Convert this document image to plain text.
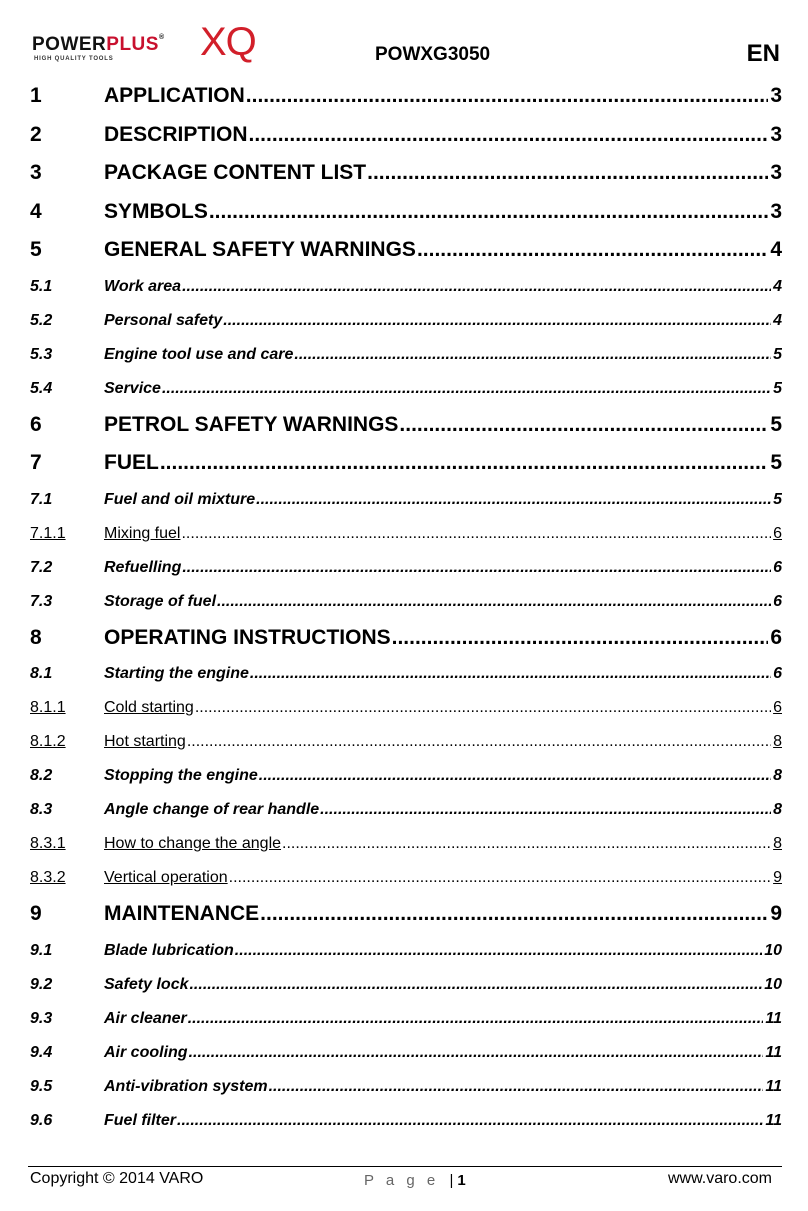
POWERPLUS®
HIGH QUALITY TOOLS XQ	POWXG3050	EN
1	APPLICATION .....	3
2	DESCRIPTION .....	3
3	PACKAGE CONTENT LIST .....	3
4	SYMBOLS .....	3
5	GENERAL SAFETY WARNINGS .....	4
5.1	Work area .....	4
5.2	Personal safety .....	4
5.3	Engine tool use and care .....	5
5.4	Service .....	5
6	PETROL SAFETY WARNINGS .....	5
7	FUEL .....	5
7.1	Fuel and oil mixture .....	5
7.1.1	Mixing fuel .....	6
7.2	Refuelling .....	6
7.3	Storage of fuel .....	6
8	OPERATING INSTRUCTIONS .....	6
8.1	Starting the engine .....	6
8.1.1	Cold starting .....	6
8.1.2	Hot starting .....	8
8.2	Stopping the engine .....	8
8.3	Angle change of rear handle .....	8
8.3.1	How to change the angle .....	8
8.3.2	Vertical operation .....	9
9	MAINTENANCE .....	9
9.1	Blade lubrication .....	10
9.2	Safety lock .....	10
9.3	Air cleaner .....	11
9.4	Air cooling .....	11
9.5	Anti-vibration system .....	11
9.6	Fuel filter .....	11
Copyright © 2014 VARO	P a g e | 1	www.varo.com
